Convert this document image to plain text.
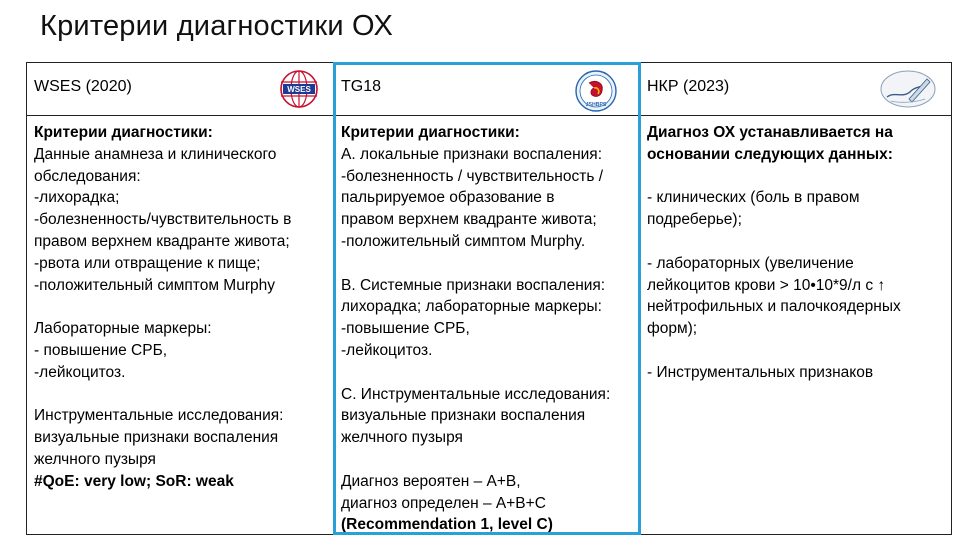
Критерии диагностики ОХ
WSES (2020)	WSES

Критерии диагностики:

Данные анамнеза и клинического

обследования:

-лихорадка;

-болезненность/чувствительность в

правом верхнем квадранте живота;

-рвота или отвращение к пище;

-положительный симптом Murphy

Лабораторные маркеры:

- повышение СРБ,

-лейкоцитоз.

Инструментальные исследования:

визуальные признаки воспаления

желчного пузыря

#QoE: very low; SoR: weak

TG18
JSHBPS

Критерии диагностики:

А. локальные признаки воспаления:

-болезненность / чувствительность /

пальрируемое образование в

правом верхнем квадранте живота;

-положительный симптом Murphy.

В. Системные признаки воспаления:

лихорадка; лабораторные маркеры:

-повышение СРБ,

-лейкоцитоз.

С. Инструментальные исследования:

визуальные признаки воспаления

желчного пузыря

Диагноз вероятен – А+В,

диагноз определен – А+В+С

(Recommendation 1, level C)

НКР (2023)

Диагноз ОХ устанавливается на

основании следующих данных:

- клинических (боль в правом

подреберье);

- лабораторных (увеличение

лейкоцитов крови > 10•10*9/л с ↑

нейтрофильных и палочкоядерных

форм);

- Инструментальных признаков
